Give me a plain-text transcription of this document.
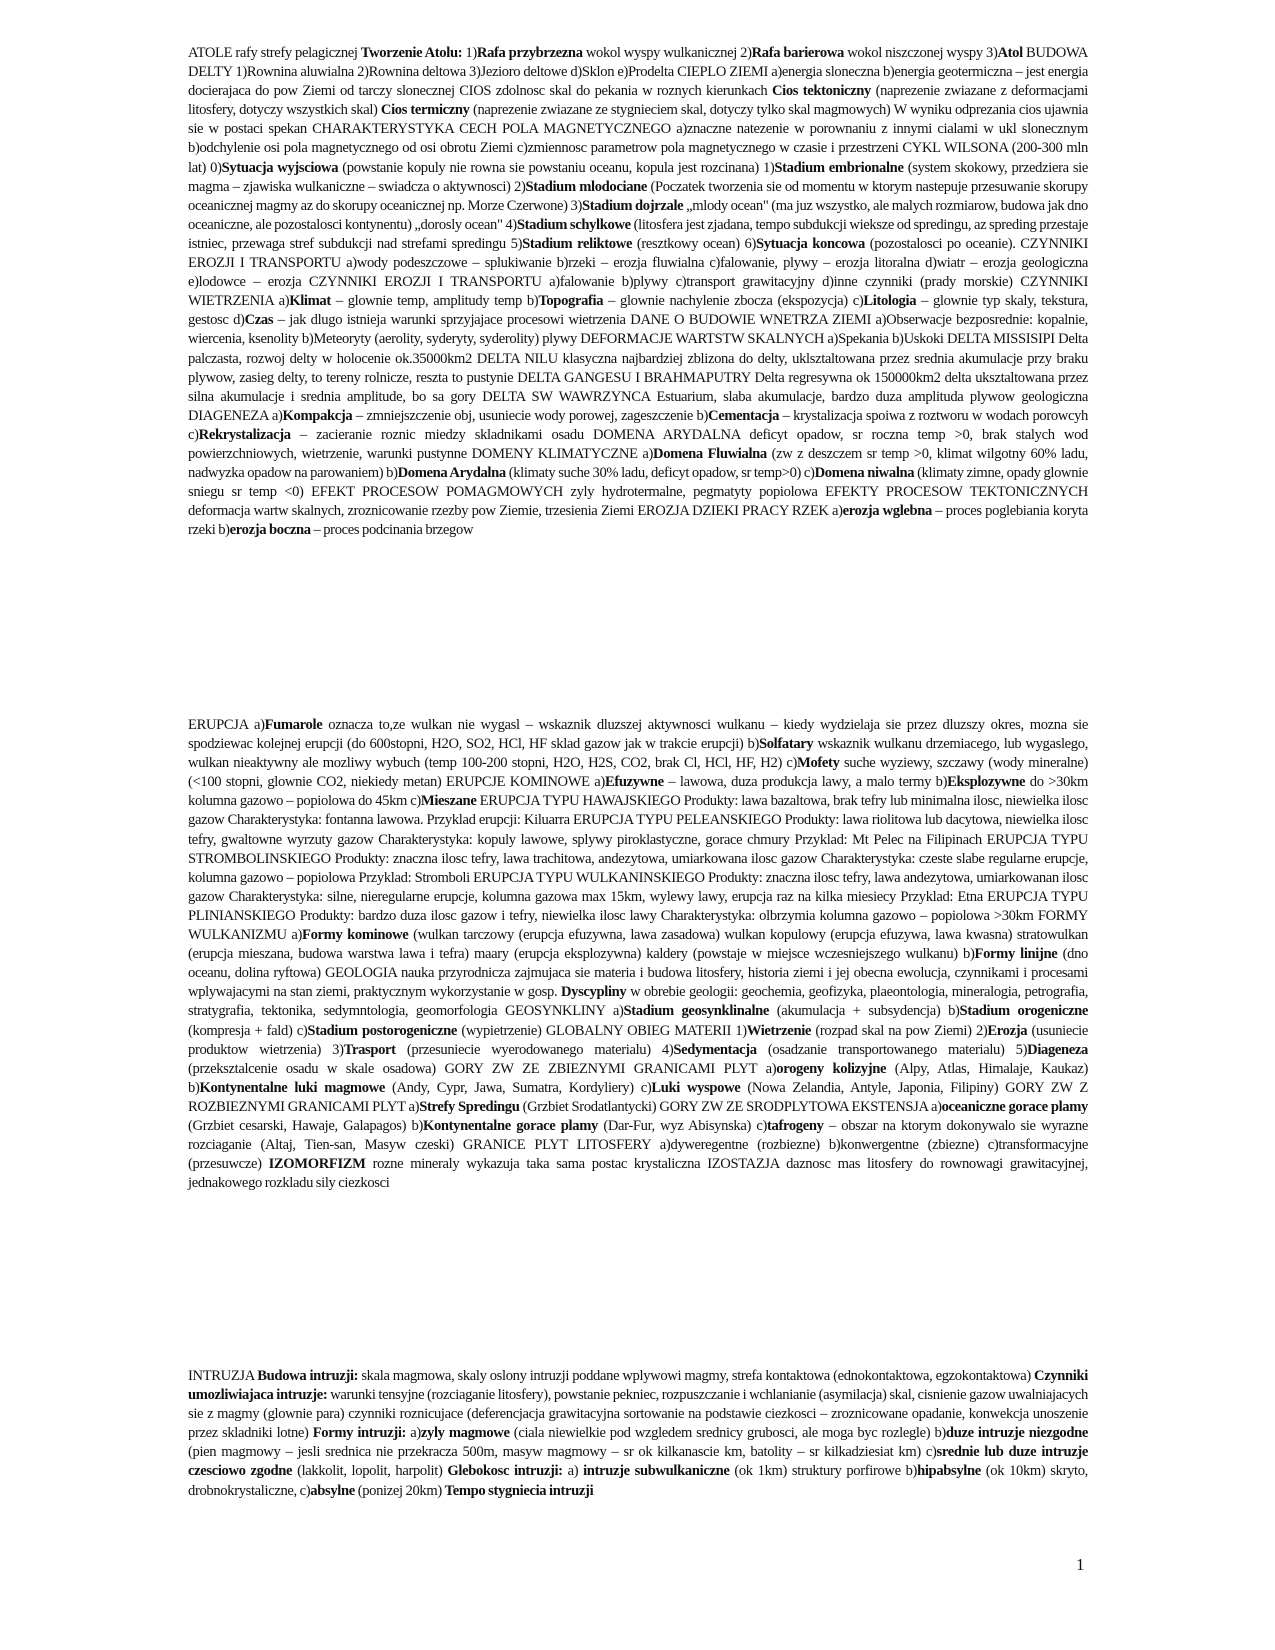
ATOLE rafy strefy pelagicznej Tworzenie Atolu: 1)Rafa przybrzezna wokol wyspy wulkanicznej 2)Rafa barierowa wokol niszczonej wyspy 3)Atol BUDOWA DELTY 1)Rownina aluwialna 2)Rownina deltowa 3)Jezioro deltowe d)Sklon e)Prodelta CIEPLO ZIEMI a)energia sloneczna b)energia geotermiczna – jest energia docierajaca do pow Ziemi od tarczy slonecznej CIOS zdolnosc skal do pekania w roznych kierunkach Cios tektoniczny (naprezenie zwiazane z deformacjami litosfery, dotyczy wszystkich skal) Cios termiczny (naprezenie zwiazane ze stygnieciem skal, dotyczy tylko skal magmowych) W wyniku odprezania cios ujawnia sie w postaci spekan CHARAKTERYSTYKA CECH POLA MAGNETYCZNEGO a)znaczne natezenie w porownaniu z innymi cialami w ukl slonecznym b)odchylenie osi pola magnetycznego od osi obrotu Ziemi c)zmiennosc parametrow pola magnetycznego w czasie i przestrzeni CYKL WILSONA (200-300 mln lat) 0)Sytuacja wyjsciowa (powstanie kopuly nie rowna sie powstaniu oceanu, kopula jest rozcinana) 1)Stadium embrionalne (system skokowy, przedziera sie magma – zjawiska wulkaniczne – swiadcza o aktywnosci) 2)Stadium mlodociane (Poczatek tworzenia sie od momentu w ktorym nastepuje przesuwanie skorupy oceanicznej magmy az do skorupy oceanicznej np. Morze Czerwone) 3)Stadium dojrzale „mlody ocean" (ma juz wszystko, ale malych rozmiarow, budowa jak dno oceaniczne, ale pozostalosci kontynentu) „dorosly ocean" 4)Stadium schylkowe (litosfera jest zjadana, tempo subdukcji wieksze od spredingu, az spreding przestaje istniec, przewaga stref subdukcji nad strefami spredingu 5)Stadium reliktowe (resztkowy ocean) 6)Sytuacja koncowa (pozostalosci po oceanie). CZYNNIKI EROZJI I TRANSPORTU a)wody podeszczowe – splukiwanie b)rzeki – erozja fluwialna c)falowanie, plywy – erozja litoralna d)wiatr – erozja geologiczna e)lodowce – erozja CZYNNIKI EROZJI I TRANSPORTU a)falowanie b)plywy c)transport grawitacyjny d)inne czynniki (prady morskie) CZYNNIKI WIETRZENIA a)Klimat – glownie temp, amplitudy temp b)Topografia – glownie nachylenie zbocza (ekspozycja) c)Litologia – glownie typ skaly, tekstura, gestosc d)Czas – jak dlugo istnieja warunki sprzyjajace procesowi wietrzenia DANE O BUDOWIE WNETRZA ZIEMI a)Obserwacje bezposrednie: kopalnie, wiercenia, ksenolity b)Meteoryty (aerolity, syderyty, syderolity) plywy DEFORMACJE WARTSTW SKALNYCH a)Spekania b)Uskoki DELTA MISSISIPI Delta palczasta, rozwoj delty w holocenie ok.35000km2 DELTA NILU klasyczna najbardziej zblizona do delty, uklsztaltowana przez srednia akumulacje przy braku plywow, zasieg delty, to tereny rolnicze, reszta to pustynie DELTA GANGESU I BRAHMAPUTRY Delta regresywna ok 150000km2 delta uksztaltowana przez silna akumulacje i srednia amplitude, bo sa gory DELTA SW WAWRZYNCA Estuarium, slaba akumulacje, bardzo duza amplituda plywow geologiczna DIAGENEZA a)Kompakcja – zmniejszczenie obj, usuniecie wody porowej, zageszczenie b)Cementacja – krystalizacja spoiwa z roztworu w wodach porowcyh c)Rekrystalizacja – zacieranie roznic miedzy skladnikami osadu DOMENA ARYDALNA deficyt opadow, sr roczna temp >0, brak stalych wod powierzchniowych, wietrzenie, warunki pustynne DOMENY KLIMATYCZNE a)Domena Fluwialna (zw z deszczem sr temp >0, klimat wilgotny 60% ladu, nadwyzka opadow na parowaniem) b)Domena Arydalna (klimaty suche 30% ladu, deficyt opadow, sr temp>0) c)Domena niwalna (klimaty zimne, opady glownie sniegu sr temp <0) EFEKT PROCESOW POMAGMOWYCH zyly hydrotermalne, pegmatyty popiolowa EFEKTY PROCESOW TEKTONICZNYCH deformacja wartw skalnych, zroznicowanie rzezby pow Ziemie, trzesienia Ziemi EROZJA DZIEKI PRACY RZEK a)erozja wglebna – proces poglebiania koryta rzeki b)erozja boczna – proces podcinania brzegow
ERUPCJA a)Fumarole oznacza to,ze wulkan nie wygasl – wskaznik dluzszej aktywnosci wulkanu – kiedy wydzielaja sie przez dluzszy okres, mozna sie spodziewac kolejnej erupcji (do 600stopni, H2O, SO2, HCl, HF sklad gazow jak w trakcie erupcji) b)Solfatary wskaznik wulkanu drzemiacego, lub wygaslego, wulkan nieaktywny ale mozliwy wybuch (temp 100-200 stopni, H2O, H2S, CO2, brak Cl, HCl, HF, H2) c)Mofety suche wyziewy, szczawy (wody mineralne) (<100 stopni, glownie CO2, niekiedy metan) ERUPCJE KOMINOWE a)Efuzywne – lawowa, duza produkcja lawy, a malo termy b)Eksplozywne do >30km kolumna gazowo – popiolowa do 45km c)Mieszane ERUPCJA TYPU HAWAJSKIEGO Produkty: lawa bazaltowa, brak tefry lub minimalna ilosc, niewielka ilosc gazow Charakterystyka: fontanna lawowa. Przyklad erupcji: Kiluarra ERUPCJA TYPU PELEANSKIEGO Produkty: lawa riolitowa lub dacytowa, niewielka ilosc tefry, gwaltowne wyrzuty gazow Charakterystyka: kopuly lawowe, splywy piroklastyczne, gorace chmury Przyklad: Mt Pelec na Filipinach ERUPCJA TYPU STROMBOLINSKIEGO Produkty: znaczna ilosc tefry, lawa trachitowa, andezytowa, umiarkowana ilosc gazow Charakterystyka: czeste slabe regularne erupcje, kolumna gazowo – popiolowa Przyklad: Stromboli ERUPCJA TYPU WULKANINSKIEGO Produkty: znaczna ilosc tefry, lawa andezytowa, umiarkowanan ilosc gazow Charakterystyka: silne, nieregularne erupcje, kolumna gazowa max 15km, wylewy lawy, erupcja raz na kilka miesiecy Przyklad: Etna ERUPCJA TYPU PLINIANSKIEGO Produkty: bardzo duza ilosc gazow i tefry, niewielka ilosc lawy Charakterystyka: olbrzymia kolumna gazowo – popiolowa >30km FORMY WULKANIZMU a)Formy kominowe (wulkan tarczowy (erupcja efuzywna, lawa zasadowa) wulkan kopulowy (erupcja efuzywa, lawa kwasna) stratowulkan (erupcja mieszana, budowa warstwa lawa i tefra) maary (erupcja eksplozywna) kaldery (powstaje w miejsce wczesniejszego wulkanu) b)Formy linijne (dno oceanu, dolina ryftowa) GEOLOGIA nauka przyrodnicza zajmujaca sie materia i budowa litosfery, historia ziemi i jej obecna ewolucja, czynnikami i procesami wplywajacymi na stan ziemi, praktycznym wykorzystanie w gosp. Dyscypliny w obrebie geologii: geochemia, geofizyka, plaeontologia, mineralogia, petrografia, stratygrafia, tektonika, sedymntologia, geomorfologia GEOSYNKLINY a)Stadium geosynklinalne (akumulacja + subsydencja) b)Stadium orogeniczne (kompresja + fald) c)Stadium postorogeniczne (wypietrzenie) GLOBALNY OBIEG MATERII 1)Wietrzenie (rozpad skal na pow Ziemi) 2)Erozja (usuniecie produktow wietrzenia) 3)Trasport (przesuniecie wyerodowanego materialu) 4)Sedymentacja (osadzanie transportowanego materialu) 5)Diageneza (przeksztalcenie osadu w skale osadowa) GORY ZW ZE ZBIEZNYMI GRANICAMI PLYT a)orogeny kolizyjne (Alpy, Atlas, Himalaje, Kaukaz) b)Kontynentalne luki magmowe (Andy, Cypr, Jawa, Sumatra, Kordyliery) c)Luki wyspowe (Nowa Zelandia, Antyle, Japonia, Filipiny) GORY ZW Z ROZBIEZNYMI GRANICAMI PLYT a)Strefy Spredingu (Grzbiet Srodatlantycki) GORY ZW ZE SRODPLYTOWA EKSTENSJA a)oceaniczne gorace plamy (Grzbiet cesarski, Hawaje, Galapagos) b)Kontynentalne gorace plamy (Dar-Fur, wyz Abisynska) c)tafrogeny – obszar na ktorym dokonywalo sie wyrazne rozciaganie (Altaj, Tien-san, Masyw czeski) GRANICE PLYT LITOSFERY a)dyweregentne (rozbiezne) b)konwergentne (zbiezne) c)transformacyjne (przesuwcze) IZOMORFIZM rozne mineraly wykazuja taka sama postac krystaliczna IZOSTAZJA daznosc mas litosfery do rownowagi grawitacyjnej, jednakowego rozkladu sily ciezkosci
INTRUZJA Budowa intruzji: skala magmowa, skaly oslony intruzji poddane wplywowi magmy, strefa kontaktowa (ednokontaktowa, egzokontaktowa) Czynniki umozliwiajaca intruzje: warunki tensyjne (rozciaganie litosfery), powstanie pekniec, rozpuszczanie i wchlanianie (asymilacja) skal, cisnienie gazow uwalniajacych sie z magmy (glownie para) czynniki roznicujace (deferencjacja grawitacyjna sortowanie na podstawie ciezkosci – zroznicowane opadanie, konwekcja unoszenie przez skladniki lotne) Formy intruzji: a)zyly magmowe (ciala niewielkie pod wzgledem srednicy grubosci, ale moga byc rozlegle) b)duze intruzje niezgodne (pien magmowy – jesli srednica nie przekracza 500m, masyw magmowy – sr ok kilkanascie km, batolity – sr kilkadziesiat km) c)srednie lub duze intruzje czesciowo zgodne (lakkolit, lopolit, harpolit) Glebokosc intruzji: a) intruzje subwulkaniczne (ok 1km) struktury porfirowe b)hipabsylne (ok 10km) skryto, drobnokrystaliczne, c)absylne (ponizej 20km) Tempo stygniecia intruzji
1
